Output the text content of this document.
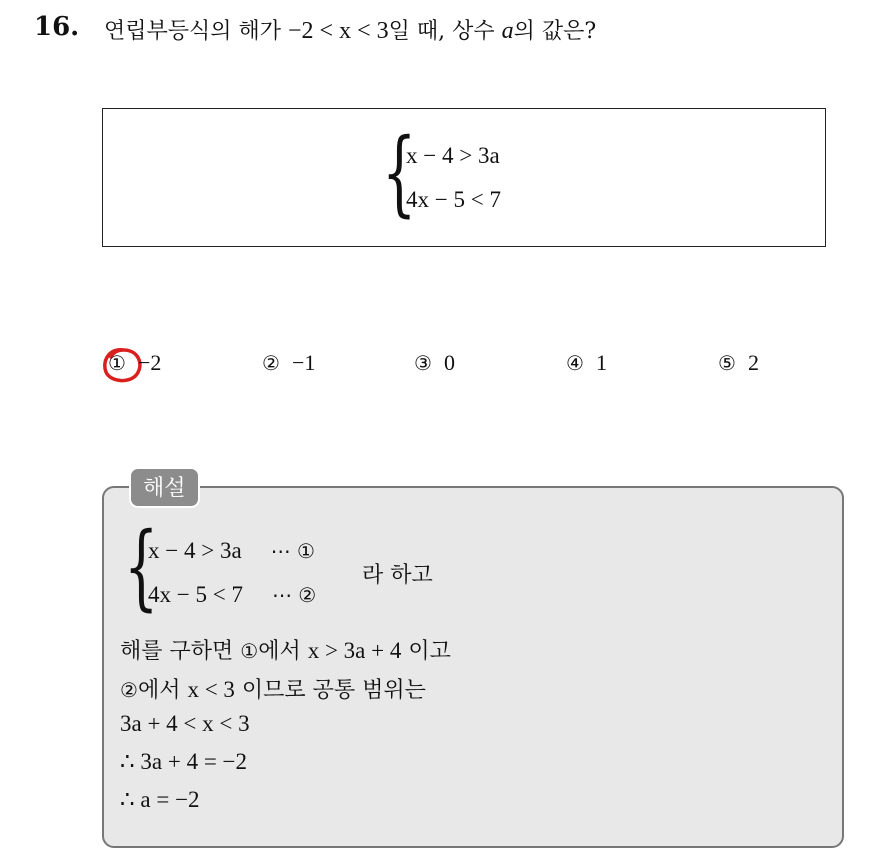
16. 연립부등식의 해가 −2 < x < 3일 때, 상수 a의 값은?
{
x − 4 > 3a
4x − 5 < 7
① −2	② −1	③ 0	④ 1	⑤ 2
해설
{
x − 4 > 3a ⋯ ①
4x − 5 < 7 ⋯ ②
라 하고
해를 구하면 ①에서 x > 3a + 4 이고
②에서 x < 3 이므로 공통 범위는
3a + 4 < x < 3
∴ 3a + 4 = −2
∴ a = −2
